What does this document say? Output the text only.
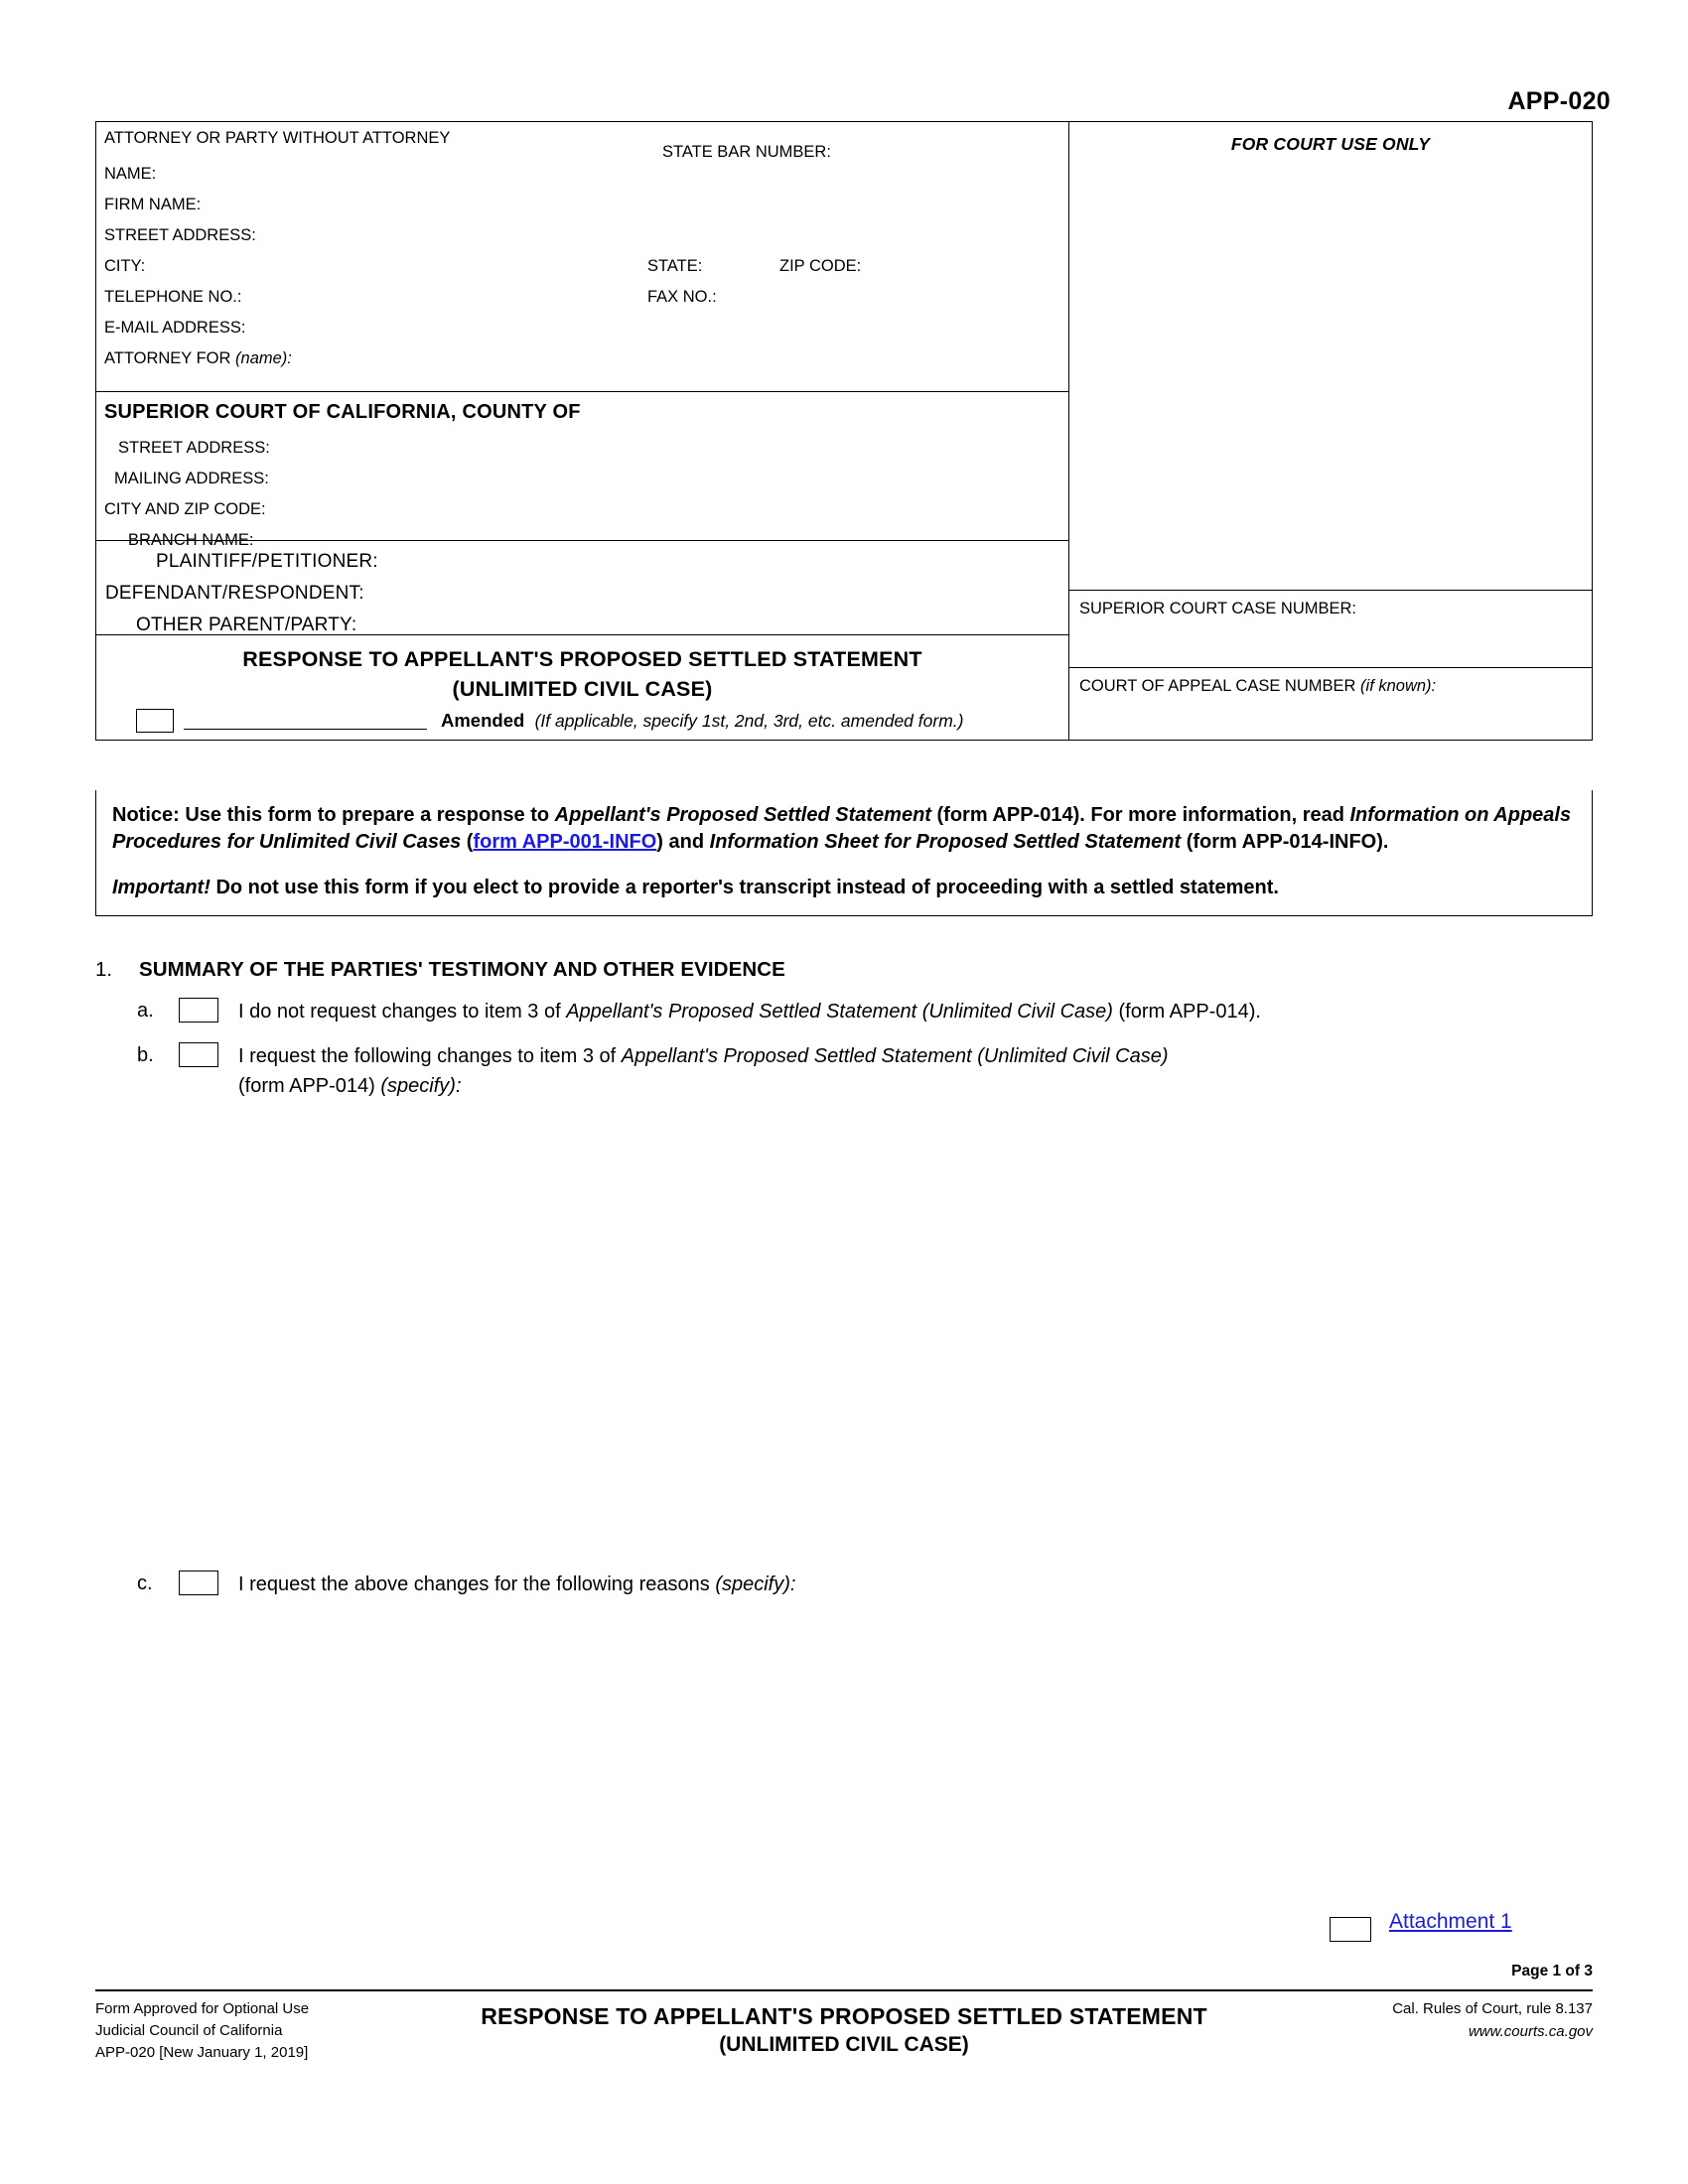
APP-020
ATTORNEY OR PARTY WITHOUT ATTORNEY
STATE BAR NUMBER:
NAME:
FIRM NAME:
STREET ADDRESS:
CITY:	STATE:	ZIP CODE:
TELEPHONE NO.:	FAX NO.:
E-MAIL ADDRESS:
ATTORNEY FOR (name):
SUPERIOR COURT OF CALIFORNIA, COUNTY OF
STREET ADDRESS:
MAILING ADDRESS:
CITY AND ZIP CODE:
BRANCH NAME:
PLAINTIFF/PETITIONER:
DEFENDANT/RESPONDENT:
OTHER PARENT/PARTY:
RESPONSE TO APPELLANT'S PROPOSED SETTLED STATEMENT
(UNLIMITED CIVIL CASE)
Amended (If applicable, specify 1st, 2nd, 3rd, etc. amended form.)
FOR COURT USE ONLY
SUPERIOR COURT CASE NUMBER:
COURT OF APPEAL CASE NUMBER (if known):

Notice: Use this form to prepare a response to Appellant's Proposed Settled Statement (form APP-014). For more information, read Information on Appeals Procedures for Unlimited Civil Cases (form APP-001-INFO) and Information Sheet for Proposed Settled Statement (form APP-014-INFO).

Important! Do not use this form if you elect to provide a reporter's transcript instead of proceeding with a settled statement.

1. SUMMARY OF THE PARTIES' TESTIMONY AND OTHER EVIDENCE
a.	I do not request changes to item 3 of Appellant's Proposed Settled Statement (Unlimited Civil Case) (form APP-014).
b.	I request the following changes to item 3 of Appellant's Proposed Settled Statement (Unlimited Civil Case)
(form APP-014) (specify):
c.	I request the above changes for the following reasons (specify):
Attachment 1
Page 1 of 3
Form Approved for Optional Use
Judicial Council of California
APP-020 [New January 1, 2019]
RESPONSE TO APPELLANT'S PROPOSED SETTLED STATEMENT
(UNLIMITED CIVIL CASE)
Cal. Rules of Court, rule 8.137
www.courts.ca.gov
